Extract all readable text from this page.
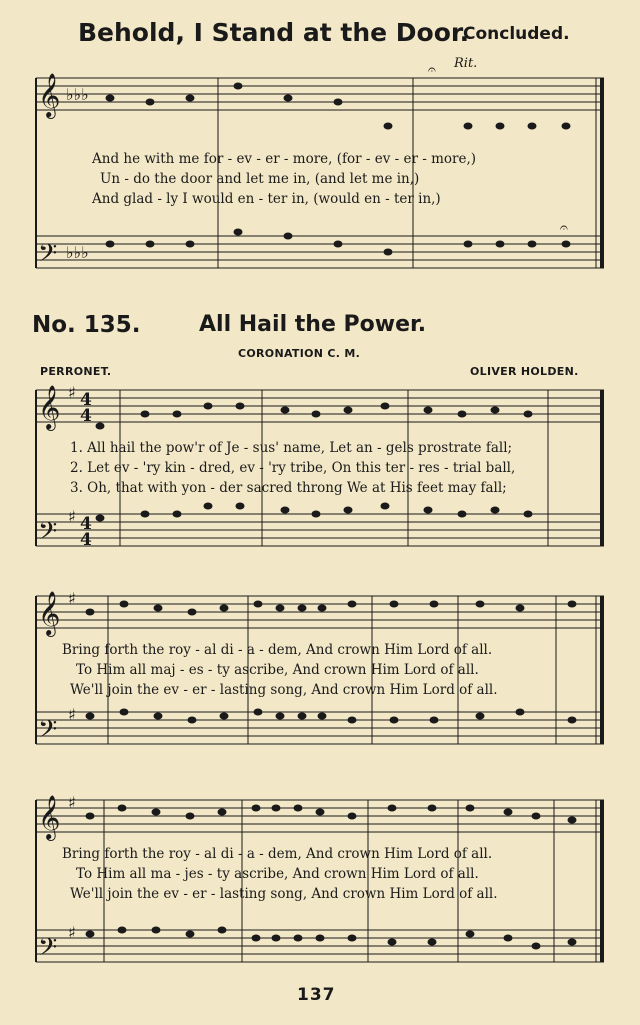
Behold, I Stand at the Door.
Concluded.
Rit.
𝄞
𝄢
𝄞
𝄢
𝄞
𝄢
𝄞
𝄢
♯
♯
♯
♯
♯
♯
♭♭♭
♭♭♭
4
4
4
4
𝄐
𝄐
And he with me for - ev - er - more, (for - ev - er - more,)
Un - do the door and let me in, (and let me in,)
And glad - ly I would en - ter in, (would en - ter in,)
No. 135.	All Hail the Power.
CORONATION C. M.
PERRONET.	OLIVER HOLDEN.
1. All hail the pow'r of Je - sus' name, Let an - gels prostrate fall;
2. Let ev - 'ry kin - dred, ev - 'ry tribe, On this ter - res - trial ball,
3. Oh, that with yon - der sacred throng We at His feet may fall;
Bring forth the roy - al di - a - dem, And crown Him Lord of all.
To Him all maj - es - ty ascribe, And crown Him Lord of all.
We'll join the ev - er - lasting song, And crown Him Lord of all.
Bring forth the roy - al di - a - dem, And crown Him Lord of all.
To Him all ma - jes - ty ascribe, And crown Him Lord of all.
We'll join the ev - er - lasting song, And crown Him Lord of all.
137
